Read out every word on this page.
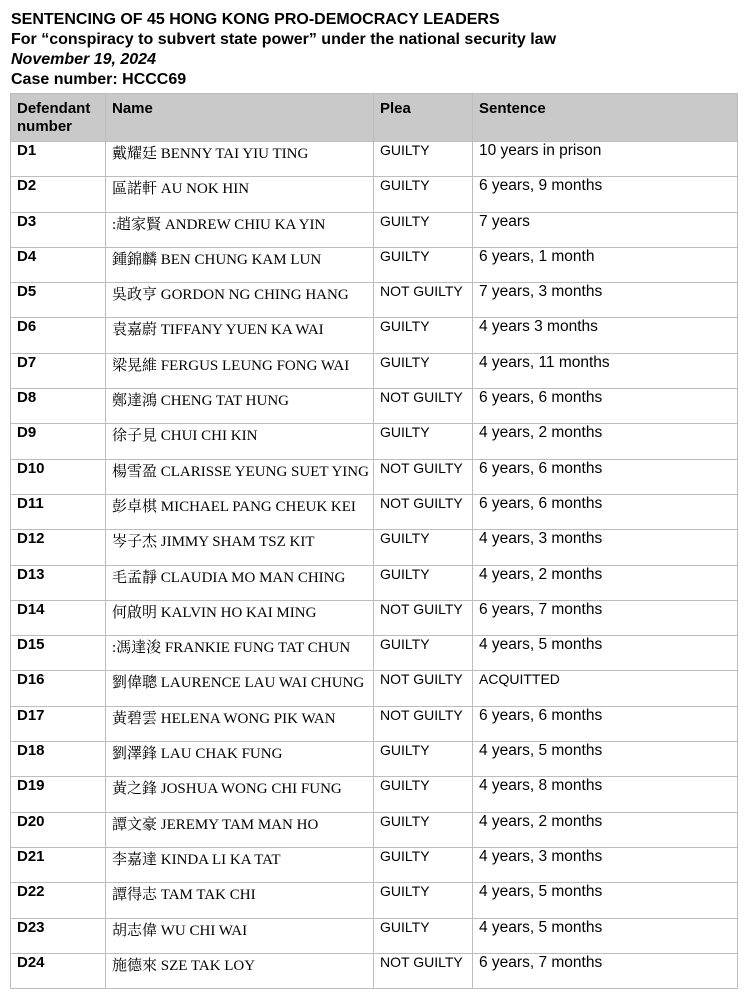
SENTENCING OF 45 HONG KONG PRO-DEMOCRACY LEADERS
For “conspiracy to subvert state power” under the national security law
November 19, 2024
Case number: HCCC69
Defendant number	Name	Plea	Sentence
D1	戴耀廷 BENNY TAI YIU TING	GUILTY	10 years in prison
D2	區諾軒 AU NOK HIN	GUILTY	6 years, 9 months
D3	:趙家賢 ANDREW CHIU KA YIN	GUILTY	7 years
D4	鍾錦麟 BEN CHUNG KAM LUN	GUILTY	6 years, 1 month
D5	吳政亨 GORDON NG CHING HANG	NOT GUILTY	7 years, 3 months
D6	袁嘉蔚 TIFFANY YUEN KA WAI	GUILTY	4 years 3 months
D7	梁晃維 FERGUS LEUNG FONG WAI	GUILTY	4 years, 11 months
D8	鄭達鴻 CHENG TAT HUNG	NOT GUILTY	6 years, 6 months
D9	徐子見 CHUI CHI KIN	GUILTY	4 years, 2 months
D10	楊雪盈 CLARISSE YEUNG SUET YING	NOT GUILTY	6 years, 6 months
D11	彭卓棋 MICHAEL PANG CHEUK KEI	NOT GUILTY	6 years, 6 months
D12	岑子杰 JIMMY SHAM TSZ KIT	GUILTY	4 years, 3 months
D13	毛孟靜 CLAUDIA MO MAN CHING	GUILTY	4 years, 2 months
D14	何啟明 KALVIN HO KAI MING	NOT GUILTY	6 years, 7 months
D15	:馮達浚 FRANKIE FUNG TAT CHUN	GUILTY	4 years, 5 months
D16	劉偉聰 LAURENCE LAU WAI CHUNG	NOT GUILTY	ACQUITTED
D17	黃碧雲 HELENA WONG PIK WAN	NOT GUILTY	6 years, 6 months
D18	劉澤鋒 LAU CHAK FUNG	GUILTY	4 years, 5 months
D19	黃之鋒 JOSHUA WONG CHI FUNG	GUILTY	4 years, 8 months
D20	譚文豪 JEREMY TAM MAN HO	GUILTY	4 years, 2 months
D21	李嘉達 KINDA LI KA TAT	GUILTY	4 years, 3 months
D22	譚得志 TAM TAK CHI	GUILTY	4 years, 5 months
D23	胡志偉 WU CHI WAI	GUILTY	4 years, 5 months
D24	施德來 SZE TAK LOY	NOT GUILTY	6 years, 7 months
